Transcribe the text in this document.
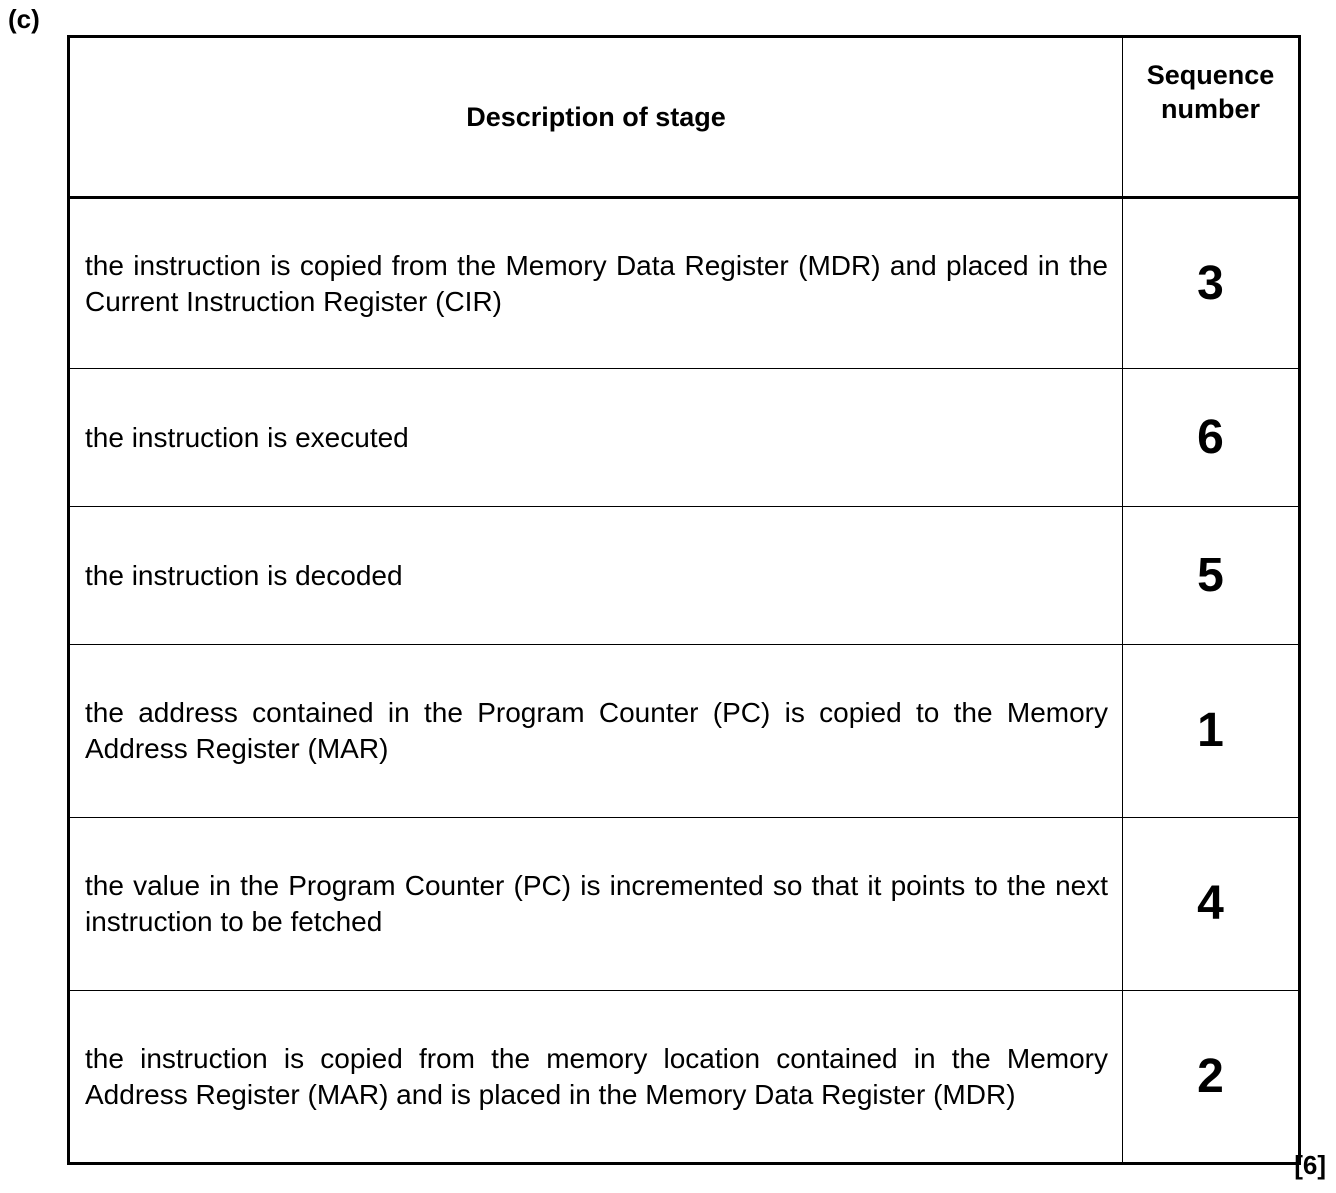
(c)
Description of stage	Sequence
number

the instruction is copied from the Memory Data Register (MDR) and placed in the Current Instruction Register (CIR)	3
the instruction is executed	6
the instruction is decoded	5
the address contained in the Program Counter (PC) is copied to the Memory Address Register (MAR)	1
the value in the Program Counter (PC) is incremented so that it points to the next instruction to be fetched	4
the instruction is copied from the memory location contained in the Memory Address Register (MAR) and is placed in the Memory Data Register (MDR)	2
[6]
